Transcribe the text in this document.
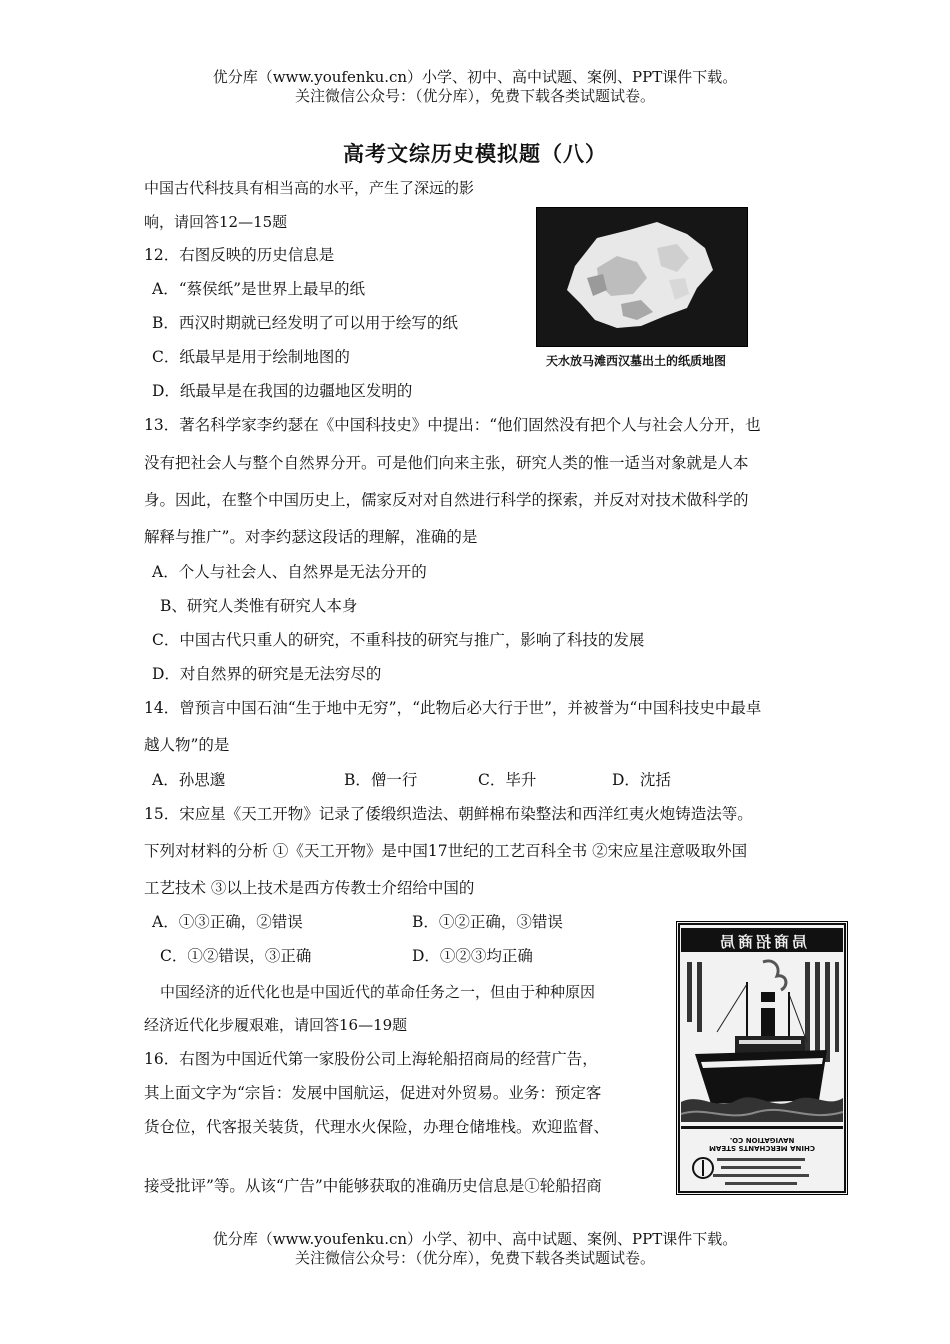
优分库（www.youfenku.cn）小学、初中、高中试题、案例、PPT课件下载。
关注微信公众号：（优分库），免费下载各类试题试卷。
高考文综历史模拟题（八）
中国古代科技具有相当高的水平，产生了深远的影
响，请回答12—15题
12．右图反映的历史信息是
A．“蔡侯纸”是世界上最早的纸
B．西汉时期就已经发明了可以用于绘写的纸
C．纸最早是用于绘制地图的
D．纸最早是在我国的边疆地区发明的
天水放马滩西汉墓出土的纸质地图
13．著名科学家李约瑟在《中国科技史》中提出：“他们固然没有把个人与社会人分开，也
没有把社会人与整个自然界分开。可是他们向来主张，研究人类的惟一适当对象就是人本
身。因此，在整个中国历史上，儒家反对对自然进行科学的探索，并反对对技术做科学的
解释与推广”。对李约瑟这段话的理解，准确的是
A．个人与社会人、自然界是无法分开的
B、研究人类惟有研究人本身
C．中国古代只重人的研究，不重科技的研究与推广，影响了科技的发展
D．对自然界的研究是无法穷尽的
14．曾预言中国石油“生于地中无穷”，“此物后必大行于世”，并被誉为“中国科技史中最卓
越人物”的是
A．孙思邈	B．僧一行	C．毕升	D．沈括
15．宋应星《天工开物》记录了倭缎织造法、朝鲜棉布染整法和西洋红夷火炮铸造法等。
下列对材料的分析 ①《天工开物》是中国17世纪的工艺百科全书 ②宋应星注意吸取外国
工艺技术 ③以上技术是西方传教士介绍给中国的
A．①③正确，②错误	B．①②正确，③错误
C．①②错误，③正确	D．①②③均正确
中国经济的近代化也是中国近代的革命任务之一，但由于种种原因
经济近代化步履艰难，请回答16—19题
16．右图为中国近代第一家股份公司上海轮船招商局的经营广告，
其上面文字为“宗旨：发展中国航运，促进对外贸易。业务：预定客
货仓位，代客报关装货，代理水火保险，办理仓储堆栈。欢迎监督、
接受批评”等。从该“广告”中能够获取的准确历史信息是①轮船招商
局商招商局
CHINA MERCHANTS STEAM NAVIGATION CO.
优分库（www.youfenku.cn）小学、初中、高中试题、案例、PPT课件下载。
关注微信公众号：（优分库），免费下载各类试题试卷。
